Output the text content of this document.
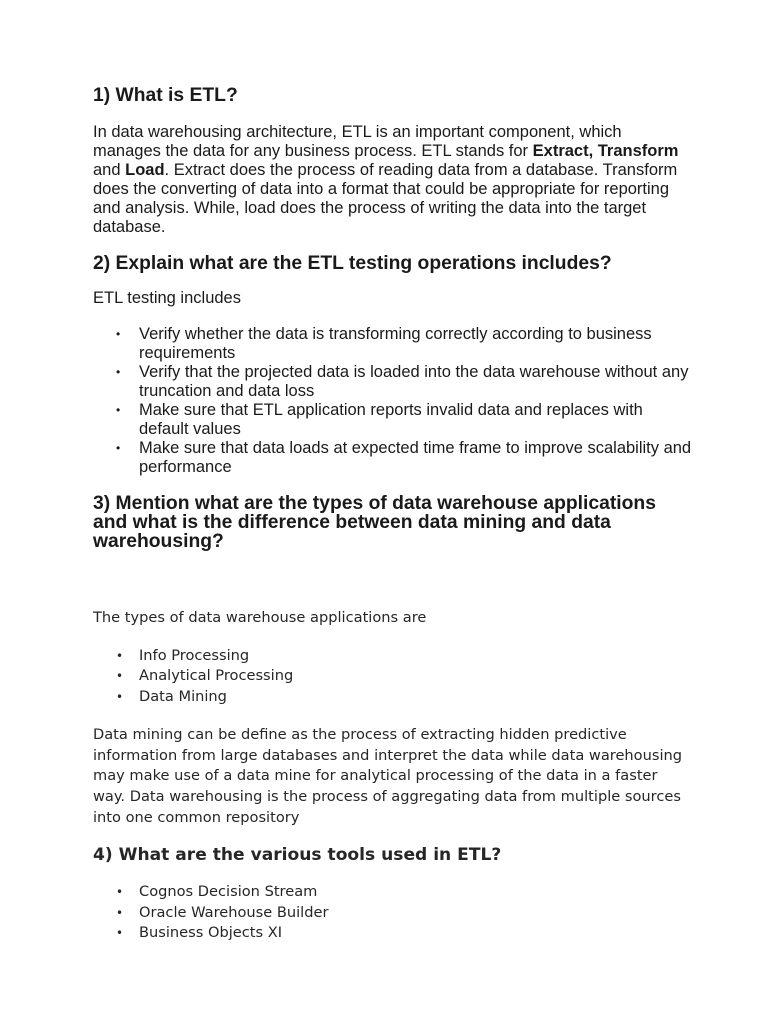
1) What is ETL?

In data warehousing architecture, ETL is an important component, which manages the data for any business process. ETL stands for Extract, Transform and Load. Extract does the process of reading data from a database. Transform does the converting of data into a format that could be appropriate for reporting and analysis. While, load does the process of writing the data into the target database.

2) Explain what are the ETL testing operations includes?

ETL testing includes

• Verify whether the data is transforming correctly according to business requirements
• Verify that the projected data is loaded into the data warehouse without any truncation and data loss
• Make sure that ETL application reports invalid data and replaces with default values
• Make sure that data loads at expected time frame to improve scalability and performance
3) Mention what are the types of data warehouse applications and what is the difference between data mining and data warehousing?

The types of data warehouse applications are

• Info Processing
• Analytical Processing
• Data Mining

Data mining can be define as the process of extracting hidden predictive information from large databases and interpret the data while data warehousing may make use of a data mine for analytical processing of the data in a faster way. Data warehousing is the process of aggregating data from multiple sources into one common repository

4) What are the various tools used in ETL?
• Cognos Decision Stream
• Oracle Warehouse Builder
• Business Objects XI
